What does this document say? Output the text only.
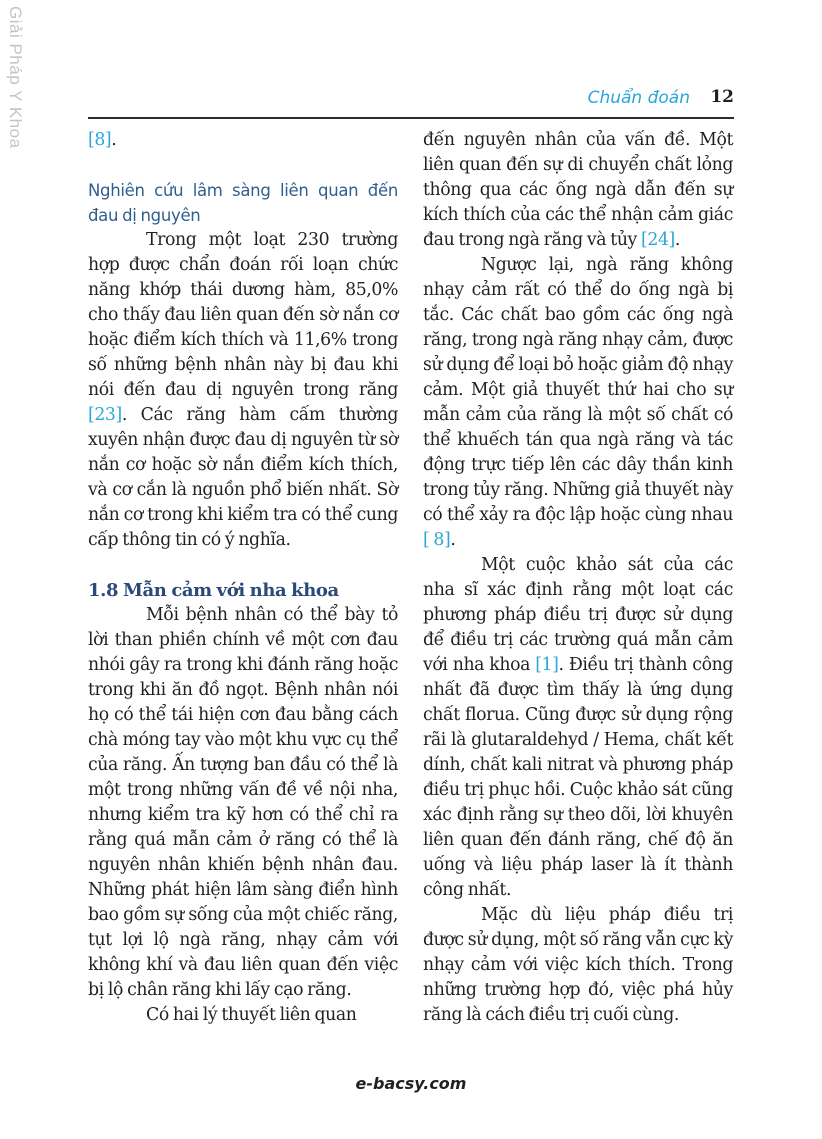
Giải Pháp Y Khoa	Chuẩn đoán 12

[8].

Nghiên cứu lâm sàng liên quan đến đau dị nguyên

Trong một loạt 230 trường hợp được chẩn đoán rối loạn chức năng khớp thái dương hàm, 85,0% cho thấy đau liên quan đến sờ nắn cơ hoặc điểm kích thích và 11,6% trong số những bệnh nhân này bị đau khi nói đến đau dị nguyên trong răng [23]. Các răng hàm cấm thường xuyên nhận được đau dị nguyên từ sờ nắn cơ hoặc sờ nắn điểm kích thích, và cơ cắn là nguồn phổ biến nhất. Sờ nắn cơ trong khi kiểm tra có thể cung cấp thông tin có ý nghĩa.

1.8 Mẫn cảm với nha khoa

Mỗi bệnh nhân có thể bày tỏ lời than phiền chính về một cơn đau nhói gây ra trong khi đánh răng hoặc trong khi ăn đồ ngọt. Bệnh nhân nói họ có thể tái hiện cơn đau bằng cách chà móng tay vào một khu vực cụ thể của răng. Ấn tượng ban đầu có thể là một trong những vấn đề về nội nha, nhưng kiểm tra kỹ hơn có thể chỉ ra rằng quá mẫn cảm ở răng có thể là nguyên nhân khiến bệnh nhân đau. Những phát hiện lâm sàng điển hình bao gồm sự sống của một chiếc răng, tụt lợi lộ ngà răng, nhạy cảm với không khí và đau liên quan đến việc bị lộ chân răng khi lấy cạo răng.

Có hai lý thuyết liên quan

đến nguyên nhân của vấn đề. Một liên quan đến sự di chuyển chất lỏng thông qua các ống ngà dẫn đến sự kích thích của các thể nhận cảm giác đau trong ngà răng và tủy [24].

Ngược lại, ngà răng không nhạy cảm rất có thể do ống ngà bị tắc. Các chất bao gồm các ống ngà răng, trong ngà răng nhạy cảm, được sử dụng để loại bỏ hoặc giảm độ nhạy cảm. Một giả thuyết thứ hai cho sự mẫn cảm của răng là một số chất có thể khuếch tán qua ngà răng và tác động trực tiếp lên các dây thần kinh trong tủy răng. Những giả thuyết này có thể xảy ra độc lập hoặc cùng nhau [ 8].

Một cuộc khảo sát của các nha sĩ xác định rằng một loạt các phương pháp điều trị được sử dụng để điều trị các trường quá mẫn cảm với nha khoa [1]. Điều trị thành công nhất đã được tìm thấy là ứng dụng chất florua. Cũng được sử dụng rộng rãi là glutaraldehyd / Hema, chất kết dính, chất kali nitrat và phương pháp điều trị phục hồi. Cuộc khảo sát cũng xác định rằng sự theo dõi, lời khuyên liên quan đến đánh răng, chế độ ăn uống và liệu pháp laser là ít thành công nhất.

Mặc dù liệu pháp điều trị được sử dụng, một số răng vẫn cực kỳ nhạy cảm với việc kích thích. Trong những trường hợp đó, việc phá hủy răng là cách điều trị cuối cùng.

e-bacsy.com
